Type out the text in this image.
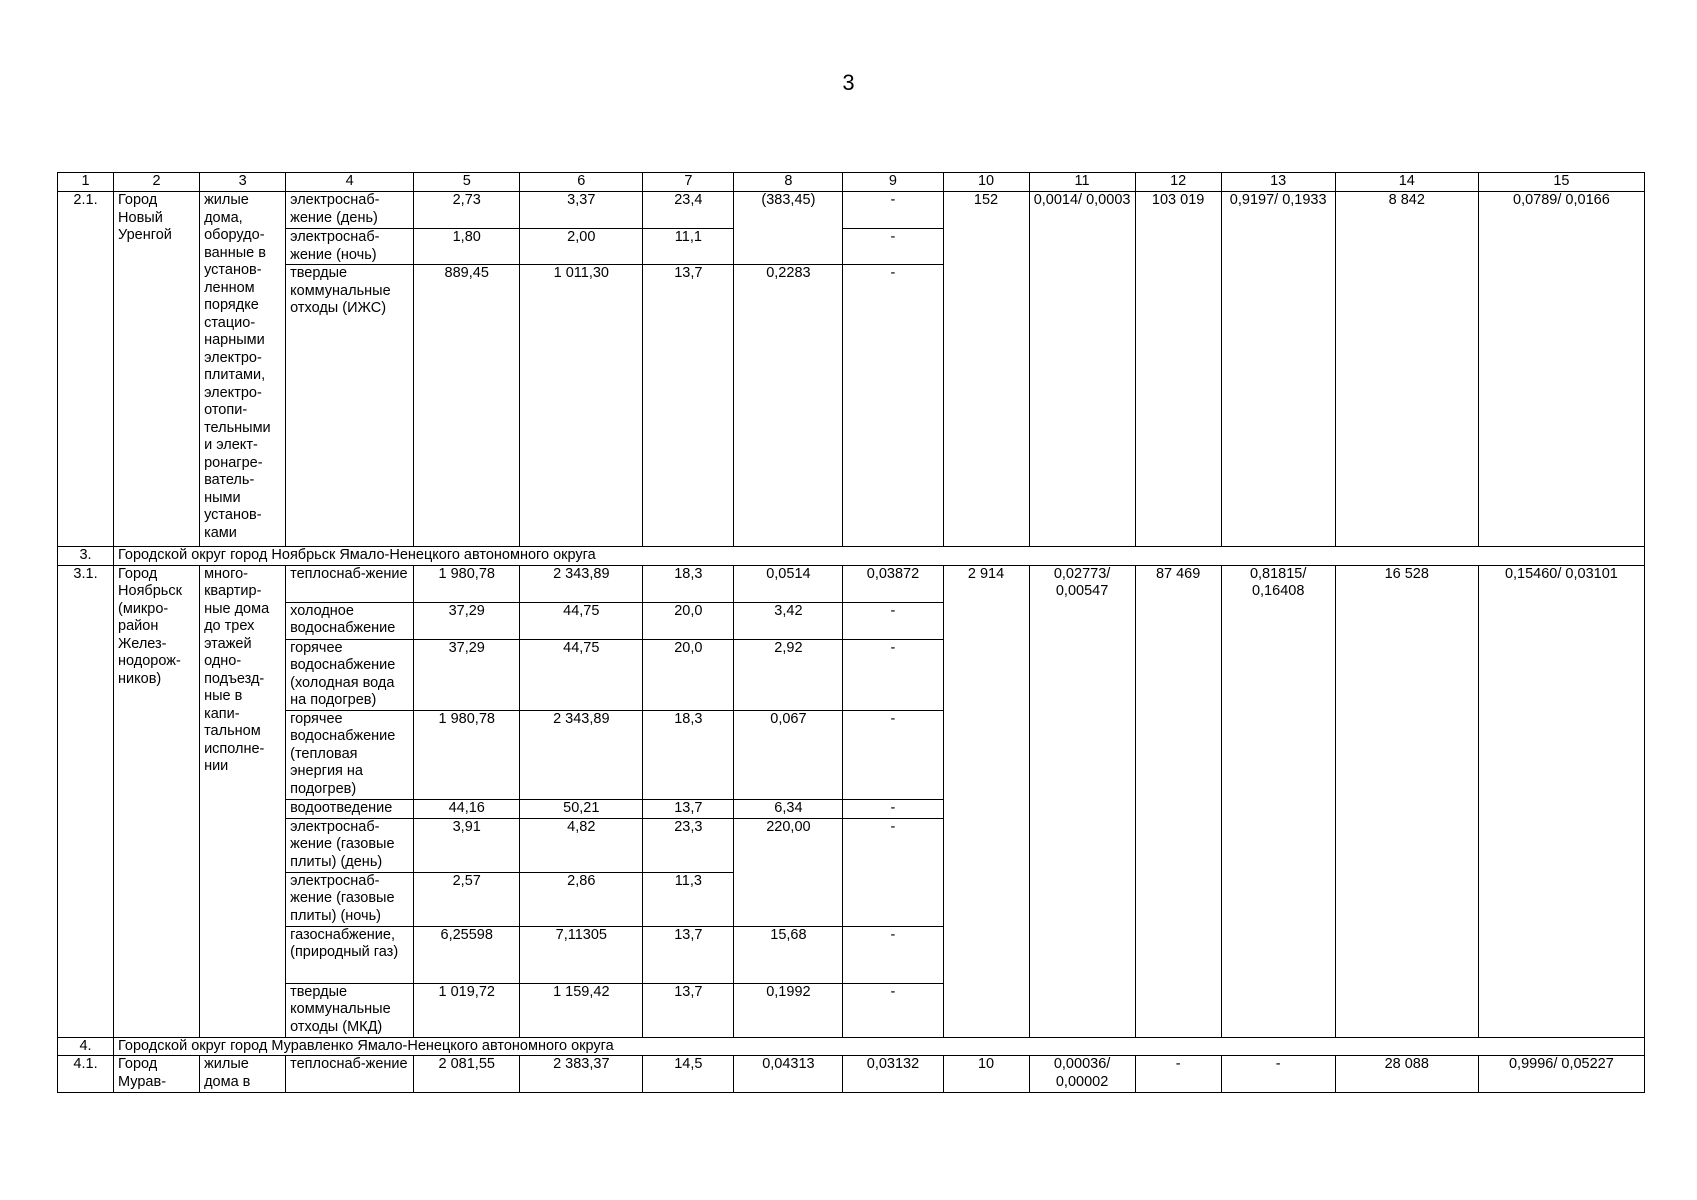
3
1	2	3	4	5	6	7	8	9	10	11	12	13	14	15
2.1.	Город Новый Уренгой	жилые дома, оборудо-ванные в установ-ленном порядке стацио-нарными электро-плитами, электро-отопи-тельными и элект-ронагре-ватель-ными установ-ками	электроснаб-жение (день)	2,73	3,37	23,4	(383,45)	-	152	0,0014/ 0,0003	103 019	0,9197/ 0,1933	8 842	0,0789/ 0,0166
			электроснаб-жение (ночь)	1,80	2,00	11,1		-						
			твердые коммунальные отходы (ИЖС)	889,45	1 011,30	13,7	0,2283	-						
3.	Городской округ город Ноябрьск Ямало-Ненецкого автономного округа													
3.1.	Город Ноябрьск (микро-район Желез-нодорож-ников)	много-квартир-ные дома до трех этажей одно-подъезд-ные в капи-тальном исполне-нии	теплоснаб-жение	1 980,78	2 343,89	18,3	0,0514	0,03872	2 914	0,02773/ 0,00547	87 469	0,81815/ 0,16408	16 528	0,15460/ 0,03101
			холодное водоснабжение	37,29	44,75	20,0	3,42	-						
			горячее водоснабжение (холодная вода на подогрев)	37,29	44,75	20,0	2,92	-						
			горячее водоснабжение (тепловая энергия на подогрев)	1 980,78	2 343,89	18,3	0,067	-						
			водоотведение	44,16	50,21	13,7	6,34	-						
			электроснаб-жение (газовые плиты) (день)	3,91	4,82	23,3	220,00	-						
			электроснаб-жение (газовые плиты) (ночь)	2,57	2,86	11,3								
			газоснабжение, (природный газ)	6,25598	7,11305	13,7	15,68	-						
			твердые коммунальные отходы (МКД)	1 019,72	1 159,42	13,7	0,1992	-						
4.	Городской округ город Муравленко Ямало-Ненецкого автономного округа													
4.1.	Город Мурав-	жилые дома в	теплоснаб-жение	2 081,55	2 383,37	14,5	0,04313	0,03132	10	0,00036/ 0,00002	-	-	28 088	0,9996/ 0,05227
